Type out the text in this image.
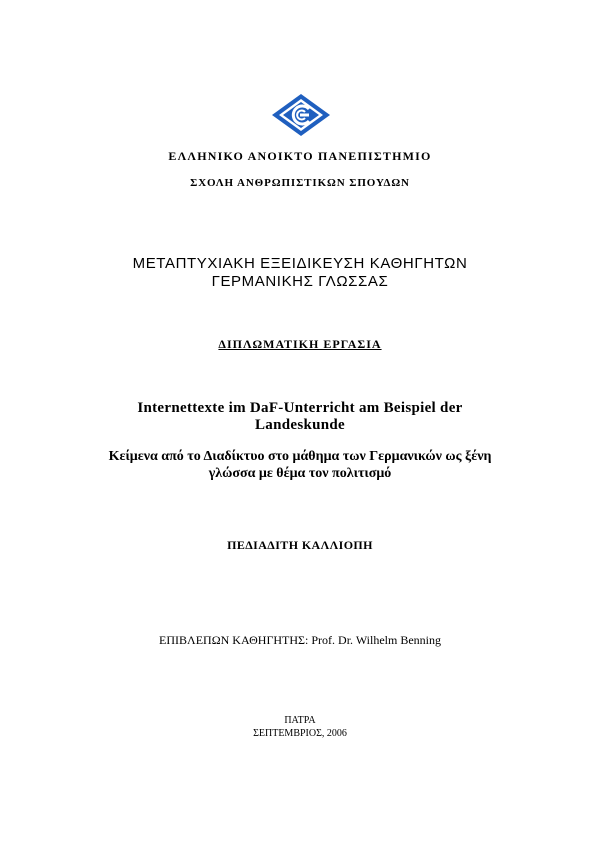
ΕΛΛΗΝΙΚΟ ΑΝΟΙΚΤΟ ΠΑΝΕΠΙΣΤΗΜΙΟ
ΣΧΟΛΗ ΑΝΘΡΩΠΙΣΤΙΚΩΝ ΣΠΟΥΔΩΝ
ΜΕΤΑΠΤΥΧΙΑΚΗ ΕΞΕΙΔΙΚΕΥΣΗ ΚΑΘΗΓΗΤΩΝ
ΓΕΡΜΑΝΙΚΗΣ ΓΛΩΣΣΑΣ
ΔΙΠΛΩΜΑΤΙΚΗ ΕΡΓΑΣΙΑ
Internettexte im DaF-Unterricht am Beispiel der
Landeskunde
Κείμενα από το Διαδίκτυο στο μάθημα των Γερμανικών ως ξένη
γλώσσα με θέμα τον πολιτισμό
ΠΕΔΙΑΔΙΤΗ ΚΑΛΛΙΟΠΗ
ΕΠΙΒΛΕΠΩΝ ΚΑΘΗΓΗΤΗΣ: Prof. Dr. Wilhelm Benning
ΠΑΤΡΑ
ΣΕΠΤΕΜΒΡΙΟΣ, 2006
